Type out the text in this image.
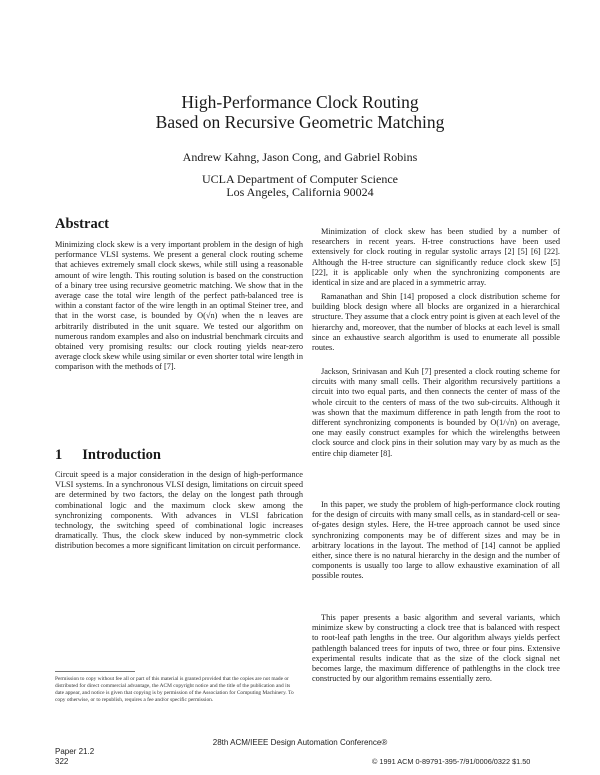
High-Performance Clock Routing
Based on Recursive Geometric Matching
Andrew Kahng, Jason Cong, and Gabriel Robins
UCLA Department of Computer Science
Los Angeles, California 90024
Abstract

Minimizing clock skew is a very important problem in the design of high performance VLSI systems. We present a general clock routing scheme that achieves extremely small clock skews, while still using a reasonable amount of wire length. This routing solution is based on the construction of a binary tree using recursive geometric matching. We show that in the average case the total wire length of the perfect path-balanced tree is within a constant factor of the wire length in an optimal Steiner tree, and that in the worst case, is bounded by O(√n) when the n leaves are arbitrarily distributed in the unit square. We tested our algorithm on numerous random examples and also on industrial benchmark circuits and obtained very promising results: our clock routing yields near-zero average clock skew while using similar or even shorter total wire length in comparison with the methods of [7].

1 Introduction

Circuit speed is a major consideration in the design of high-performance VLSI systems. In a synchronous VLSI design, limitations on circuit speed are determined by two factors, the delay on the longest path through combinational logic and the maximum clock skew among the synchronizing components. With advances in VLSI fabrication technology, the switching speed of combinational logic increases dramatically. Thus, the clock skew induced by non-symmetric clock distribution becomes a more significant limitation on circuit performance.

Minimization of clock skew has been studied by a number of researchers in recent years. H-tree constructions have been used extensively for clock routing in regular systolic arrays [2] [5] [6] [22]. Although the H-tree structure can significantly reduce clock skew [5] [22], it is applicable only when the synchronizing components are identical in size and are placed in a symmetric array.

Ramanathan and Shin [14] proposed a clock distribution scheme for building block design where all blocks are organized in a hierarchical structure. They assume that a clock entry point is given at each level of the hierarchy and, moreover, that the number of blocks at each level is small since an exhaustive search algorithm is used to enumerate all possible routes.

Jackson, Srinivasan and Kuh [7] presented a clock routing scheme for circuits with many small cells. Their algorithm recursively partitions a circuit into two equal parts, and then connects the center of mass of the whole circuit to the centers of mass of the two sub-circuits. Although it was shown that the maximum difference in path length from the root to different synchronizing components is bounded by O(1/√n) on average, one may easily construct examples for which the wirelengths between clock source and clock pins in their solution may vary by as much as the entire chip diameter [8].

In this paper, we study the problem of high-performance clock routing for the design of circuits with many small cells, as in standard-cell or sea-of-gates design styles. Here, the H-tree approach cannot be used since synchronizing components may be of different sizes and may be in arbitrary locations in the layout. The method of [14] cannot be applied either, since there is no natural hierarchy in the design and the number of components is usually too large to allow exhaustive examination of all possible routes.

This paper presents a basic algorithm and several variants, which minimize skew by constructing a clock tree that is balanced with respect to root-leaf path lengths in the tree. Our algorithm always yields perfect pathlength balanced trees for inputs of two, three or four pins. Extensive experimental results indicate that as the size of the clock signal net becomes large, the maximum difference of pathlengths in the clock tree constructed by our algorithm remains essentially zero.

Permission to copy without fee all or part of this material is granted provided that the copies are not made or distributed for direct commercial advantage, the ACM copyright notice and the title of the publication and its date appear, and notice is given that copying is by permission of the Association for Computing Machinery. To copy otherwise, or to republish, requires a fee and/or specific permission.

28th ACM/IEEE Design Automation Conference®
Paper 21.2
322	© 1991 ACM 0-89791-395-7/91/0006/0322 $1.50
